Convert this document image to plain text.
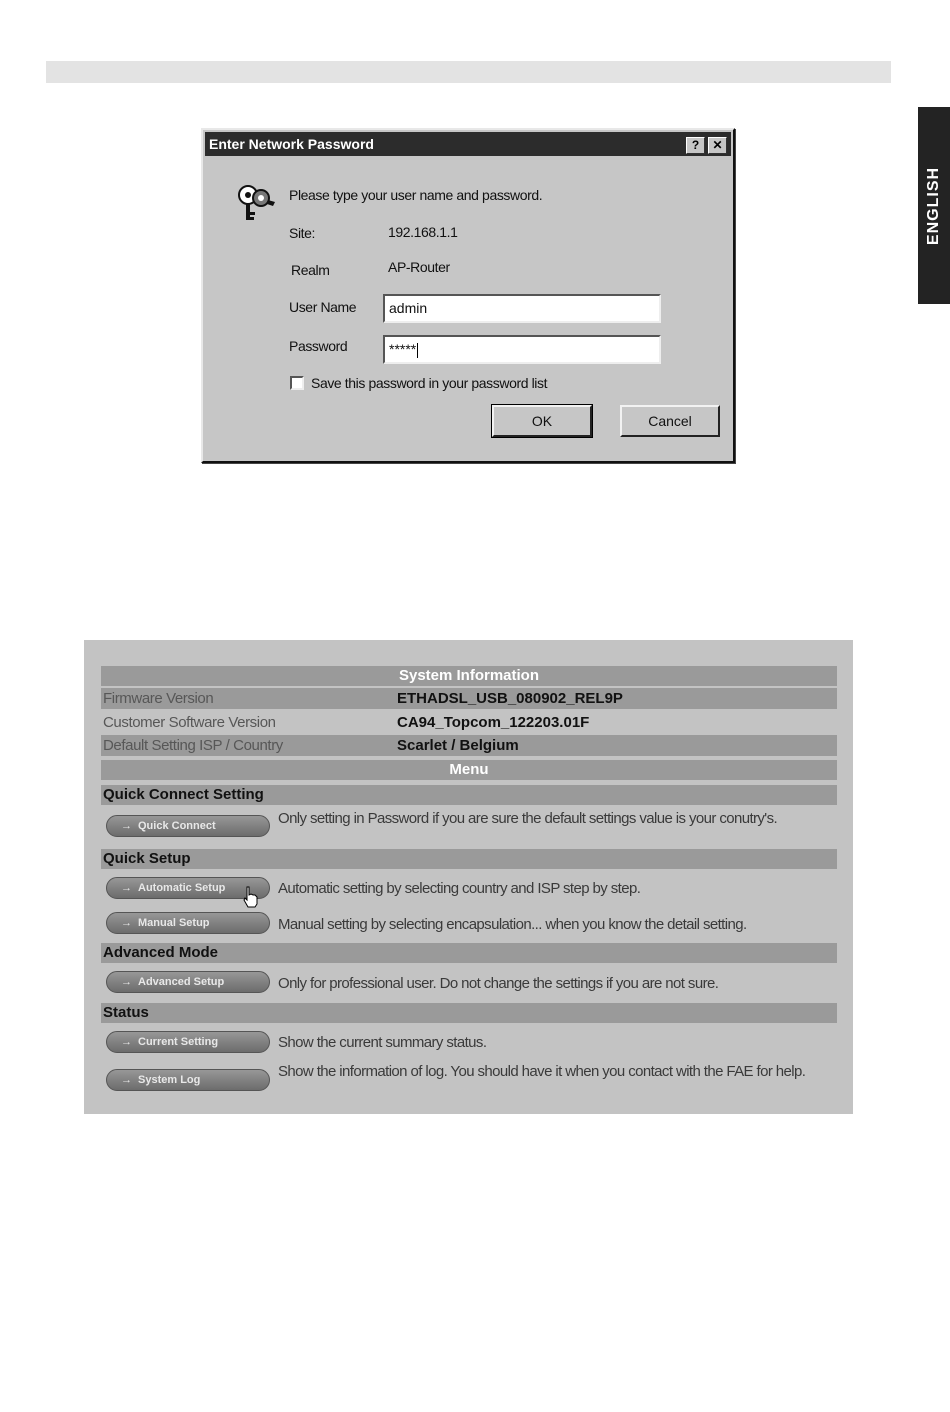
ENGLISH
Enter Network Password	?	✕
Please type your user name and password.
Site:	192.168.1.1
Realm	AP-Router
User Name	admin
Password	*****
Save this password in your password list
OK	Cancel
System Information
Firmware Version	ETHADSL_USB_080902_REL9P
Customer Software Version	CA94_Topcom_122203.01F
Default Setting ISP / Country	Scarlet / Belgium
Menu
Quick Connect Setting
→ Quick Connect	Only setting in Password if you are sure the default settings value is your conutry's.
Quick Setup
→ Automatic Setup	Automatic setting by selecting country and ISP step by step.
→ Manual Setup	Manual setting by selecting encapsulation... when you know the detail setting.
Advanced Mode
→ Advanced Setup	Only for professional user. Do not change the settings if you are not sure.
Status
→ Current Setting	Show the current summary status.
→ System Log	Show the information of log. You should have it when you contact with the FAE for help.
